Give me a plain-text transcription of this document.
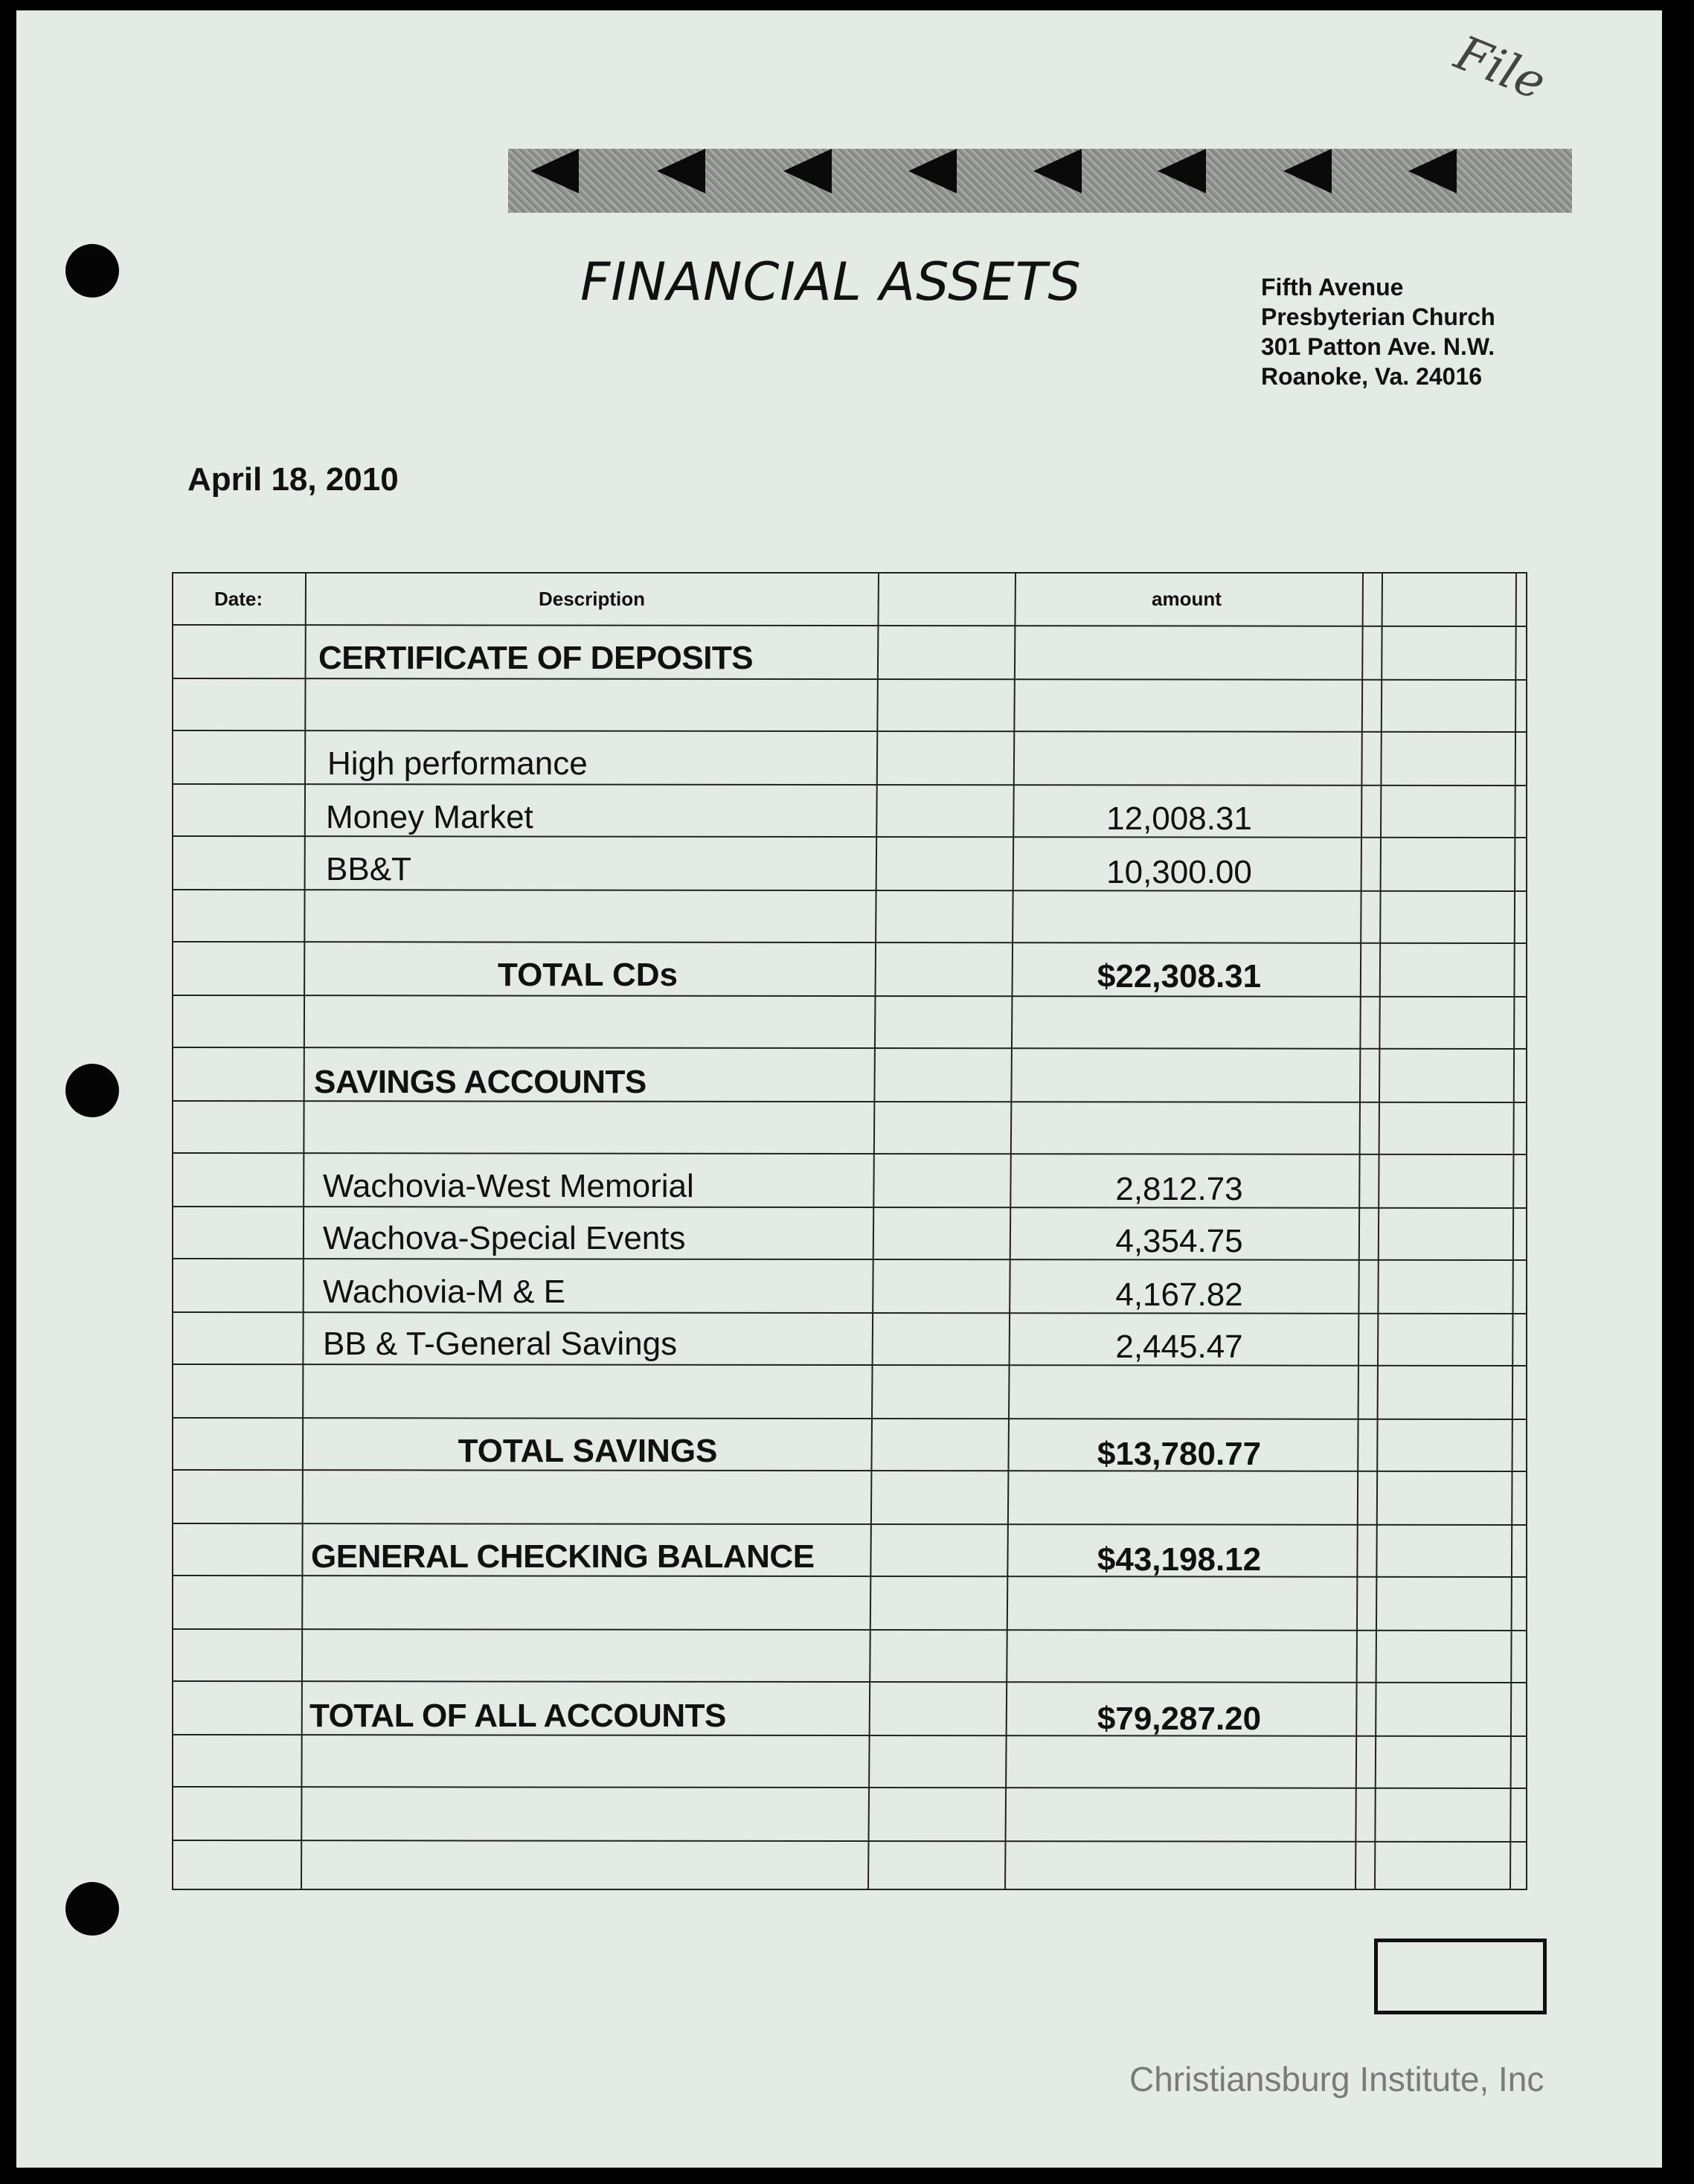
File
FINANCIAL ASSETS	Fifth Avenue
Presbyterian Church
301 Patton Ave. N.W.
Roanoke, Va. 24016
April 18, 2010
Date:	Description	amount
CERTIFICATE OF DEPOSITS
High performance
Money Market	12,008.31
BB&T	10,300.00
TOTAL CDs	$22,308.31
SAVINGS ACCOUNTS
Wachovia-West Memorial	2,812.73
Wachova-Special Events	4,354.75
Wachovia-M & E	4,167.82
BB & T-General Savings	2,445.47
TOTAL SAVINGS	$13,780.77
GENERAL CHECKING BALANCE	$43,198.12
TOTAL OF ALL ACCOUNTS	$79,287.20
Christiansburg Institute, Inc
